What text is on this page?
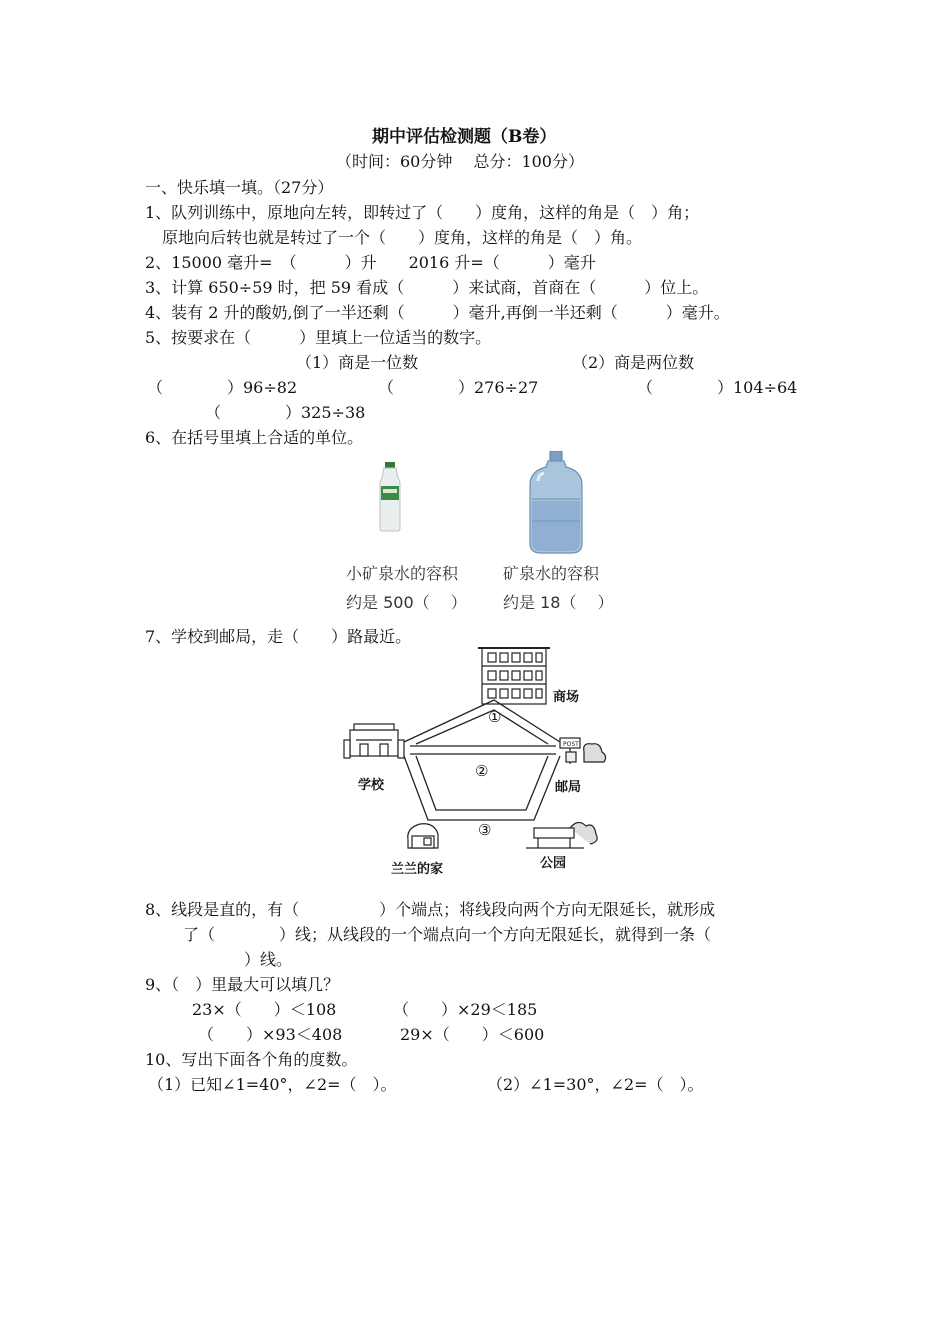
期中评估检测题（B卷）
（时间：60分钟　 总分：100分）
一、快乐填一填。（27分）
1、队列训练中，原地向左转，即转过了（　　）度角，这样的角是（　）角；
原地向后转也就是转过了一个（　　）度角，这样的角是（　）角。
2、15000 毫升=　（　　　）升　　2016 升=（　　　）毫升
3、计算 650÷59 时，把 59 看成（　　　）来试商，首商在（　　　）位上。
4、装有 2 升的酸奶,倒了一半还剩（　　　）毫升,再倒一半还剩（　　　）毫升。
5、按要求在（　　　）里填上一位适当的数字。
（1）商是一位数	（2）商是两位数
（　　　　）96÷82	（　　　　）276÷27	（　　　　）104÷64
（　　　　）325÷38
6、在括号里填上合适的单位。
小矿泉水的容积
约是 500（　 ）
矿泉水的容积
约是 18（　 ）
7、学校到邮局，走（　　）路最近。
POST
①
②
③
商场
学校	邮局
兰兰的家	公园
8、线段是直的，有（　　　　　）个端点；将线段向两个方向无限延长，就形成
了（　　　　）线；从线段的一个端点向一个方向无限延长，就得到一条（
　）线。
9、（　）里最大可以填几？
23×（　　）＜108	（　　）×29＜185
（　　）×93＜408	29×（　　）＜600
10、写出下面各个角的度数。
（1）已知∠1=40°，∠2=（　）。	（2）∠1=30°，∠2=（　）。
